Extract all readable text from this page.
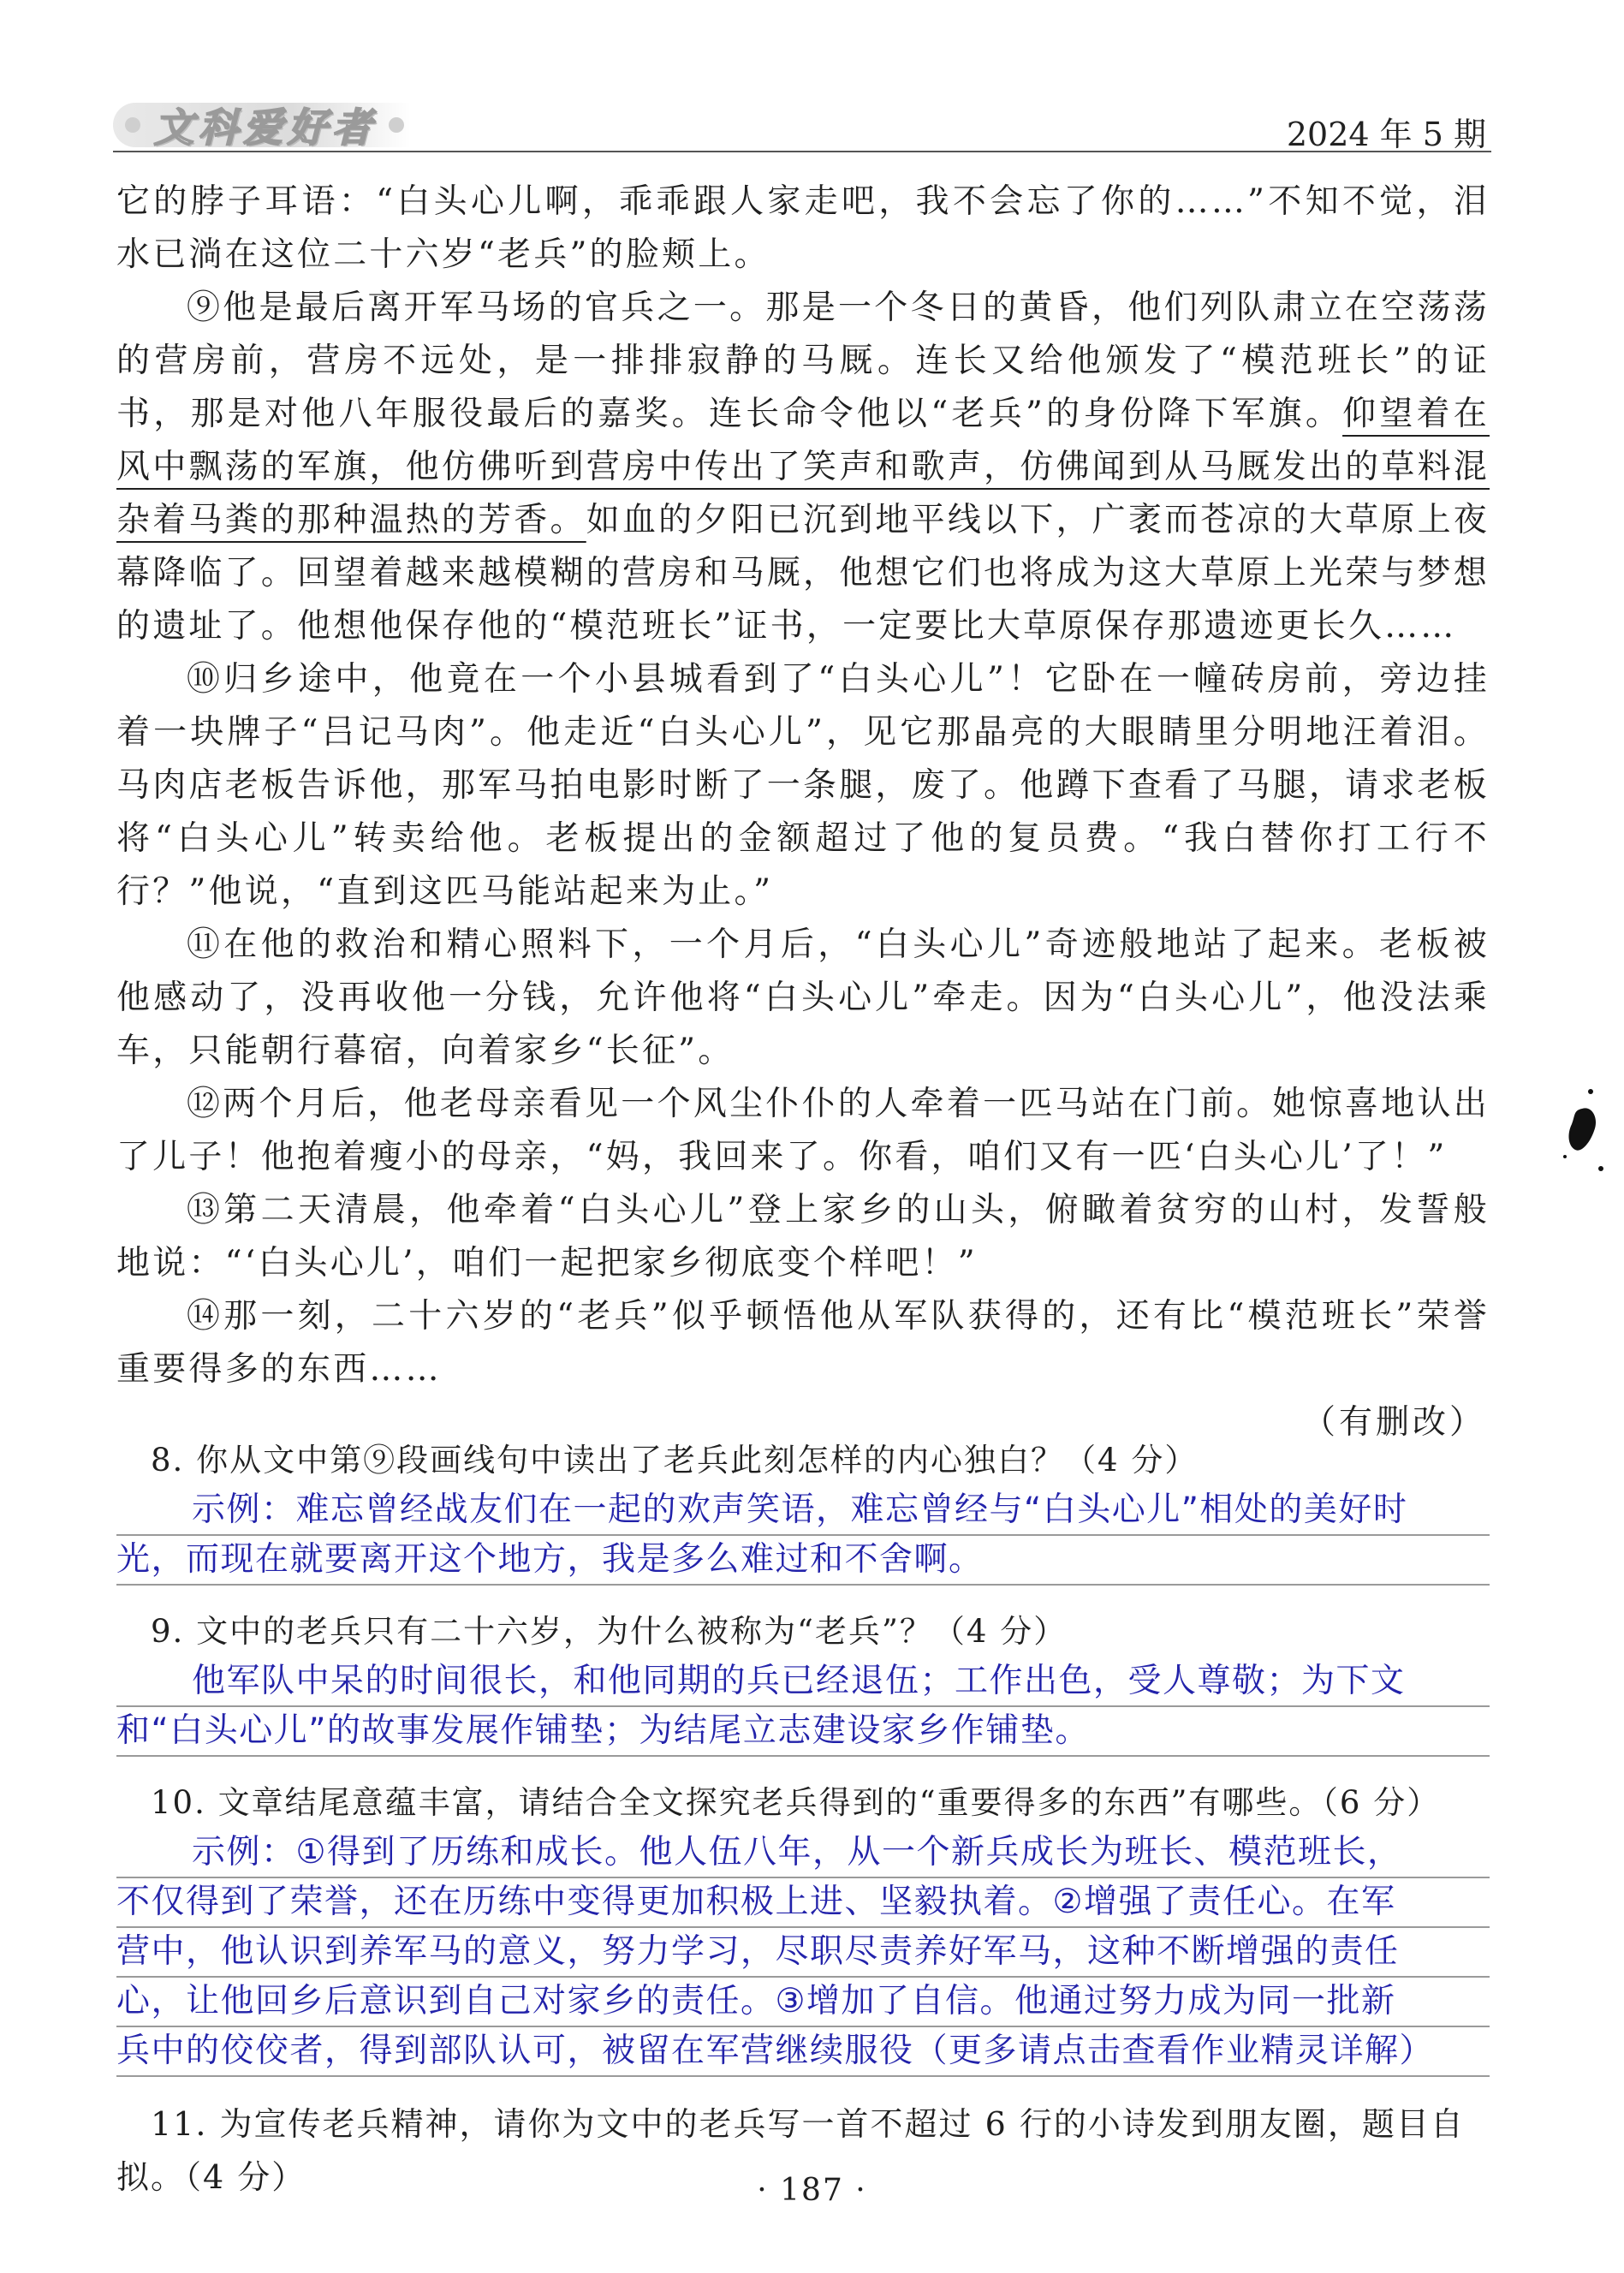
文科爱好者	2024 年 5 期

它的脖子耳语：“白头心儿啊，乖乖跟人家走吧，我不会忘了你的……”不知不觉，泪水已淌在这位二十六岁“老兵”的脸颊上。

⑨他是最后离开军马场的官兵之一。那是一个冬日的黄昏，他们列队肃立在空荡荡的营房前，营房不远处，是一排排寂静的马厩。连长又给他颁发了“模范班长”的证书，那是对他八年服役最后的嘉奖。连长命令他以“老兵”的身份降下军旗。仰望着在风中飘荡的军旗，他仿佛听到营房中传出了笑声和歌声，仿佛闻到从马厩发出的草料混杂着马粪的那种温热的芳香。如血的夕阳已沉到地平线以下，广袤而苍凉的大草原上夜幕降临了。回望着越来越模糊的营房和马厩，他想它们也将成为这大草原上光荣与梦想的遗址了。他想他保存他的“模范班长”证书，一定要比大草原保存那遗迹更长久……

⑩归乡途中，他竟在一个小县城看到了“白头心儿”！它卧在一幢砖房前，旁边挂着一块牌子“吕记马肉”。他走近“白头心儿”，见它那晶亮的大眼睛里分明地汪着泪。马肉店老板告诉他，那军马拍电影时断了一条腿，废了。他蹲下查看了马腿，请求老板将“白头心儿”转卖给他。老板提出的金额超过了他的复员费。“我白替你打工行不行？”他说，“直到这匹马能站起来为止。”

⑪在他的救治和精心照料下，一个月后，“白头心儿”奇迹般地站了起来。老板被他感动了，没再收他一分钱，允许他将“白头心儿”牵走。因为“白头心儿”，他没法乘车，只能朝行暮宿，向着家乡“长征”。

⑫两个月后，他老母亲看见一个风尘仆仆的人牵着一匹马站在门前。她惊喜地认出了儿子！他抱着瘦小的母亲，“妈，我回来了。你看，咱们又有一匹‘白头心儿’了！”

⑬第二天清晨，他牵着“白头心儿”登上家乡的山头，俯瞰着贫穷的山村，发誓般地说：“‘白头心儿’，咱们一起把家乡彻底变个样吧！”

⑭那一刻，二十六岁的“老兵”似乎顿悟他从军队获得的，还有比“模范班长”荣誉重要得多的东西……

（有删改）

8. 你从文中第⑨段画线句中读出了老兵此刻怎样的内心独白？（4 分）

示例：难忘曾经战友们在一起的欢声笑语，难忘曾经与“白头心儿”相处的美好时
光，而现在就要离开这个地方，我是多么难过和不舍啊。

9. 文中的老兵只有二十六岁，为什么被称为“老兵”？（4 分）

他军队中呆的时间很长，和他同期的兵已经退伍；工作出色，受人尊敬；为下文
和“白头心儿”的故事发展作铺垫；为结尾立志建设家乡作铺垫。

10. 文章结尾意蕴丰富，请结合全文探究老兵得到的“重要得多的东西”有哪些。（6 分）

示例：①得到了历练和成长。他人伍八年，从一个新兵成长为班长、模范班长，
不仅得到了荣誉，还在历练中变得更加积极上进、坚毅执着。②增强了责任心。在军
营中，他认识到养军马的意义，努力学习，尽职尽责养好军马，这种不断增强的责任
心，让他回乡后意识到自己对家乡的责任。③增加了自信。他通过努力成为同一批新
兵中的佼佼者，得到部队认可，被留在军营继续服役（更多请点击查看作业精灵详解）

11. 为宣传老兵精神，请你为文中的老兵写一首不超过 6 行的小诗发到朋友圈，题目自拟。（4 分）	· 187 ·
